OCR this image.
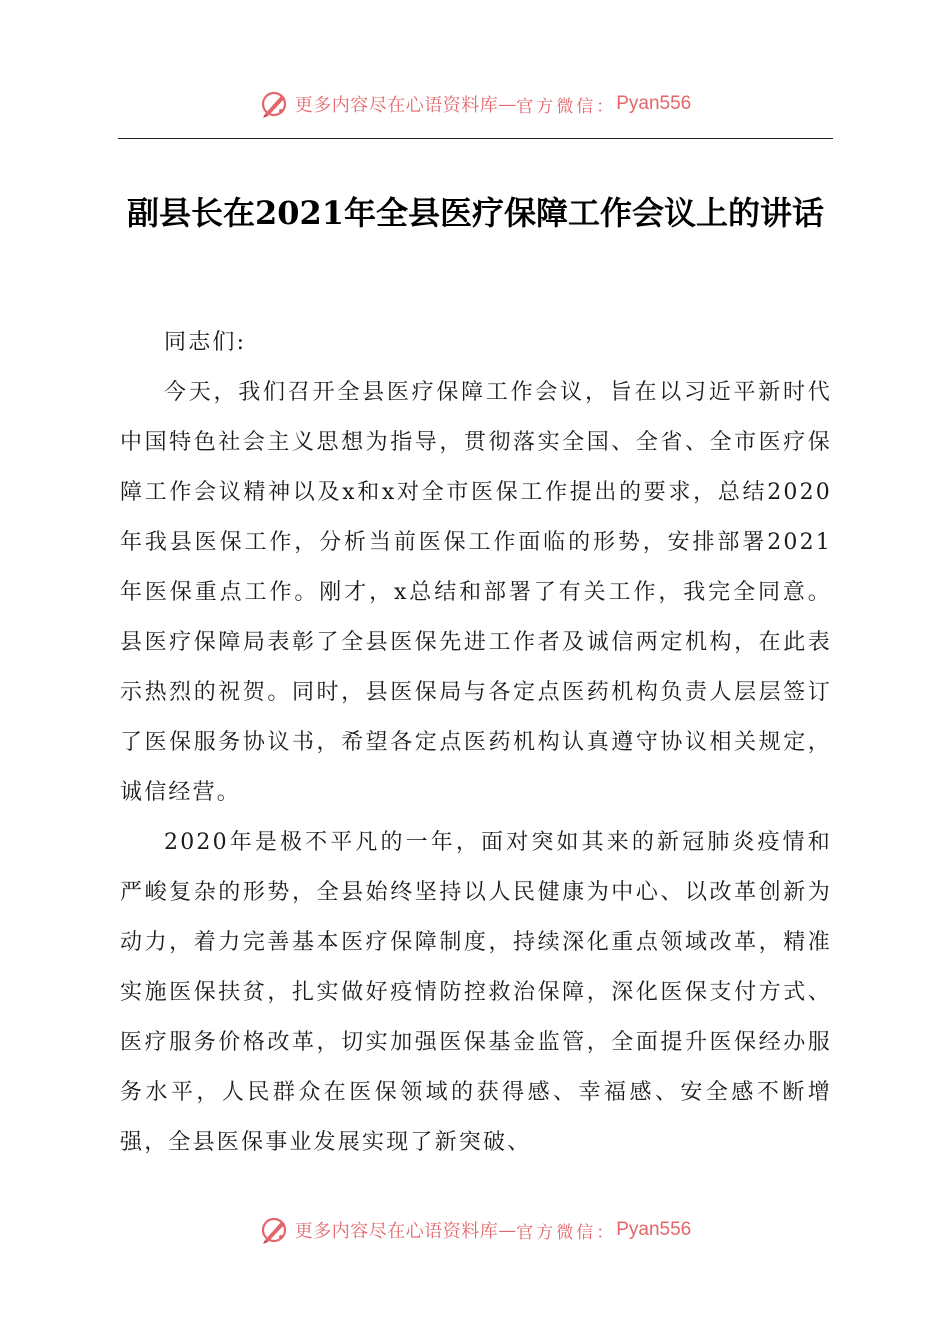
更多内容尽在心语资料库 — 官方微信： Pyan556
副县长在2021年全县医疗保障工作会议上的讲话

同志们:

今天，我们召开全县医疗保障工作会议，旨在以习近平新时代中国特色社会主义思想为指导，贯彻落实全国、全省、全市医疗保障工作会议精神以及x和x对全市医保工作提出的要求，总结2020年我县医保工作，分析当前医保工作面临的形势，安排部署2021年医保重点工作。刚才，x总结和部署了有关工作，我完全同意。县医疗保障局表彰了全县医保先进工作者及诚信两定机构，在此表示热烈的祝贺。同时，县医保局与各定点医药机构负责人层层签订了医保服务协议书，希望各定点医药机构认真遵守协议相关规定，诚信经营。

2020年是极不平凡的一年，面对突如其来的新冠肺炎疫情和严峻复杂的形势，全县始终坚持以人民健康为中心、以改革创新为动力，着力完善基本医疗保障制度，持续深化重点领域改革，精准实施医保扶贫，扎实做好疫情防控救治保障，深化医保支付方式、医疗服务价格改革，切实加强医保基金监管，全面提升医保经办服务水平，人民群众在医保领域的获得感、幸福感、安全感不断增强，全县医保事业发展实现了新突破、

更多内容尽在心语资料库 — 官方微信： Pyan556
